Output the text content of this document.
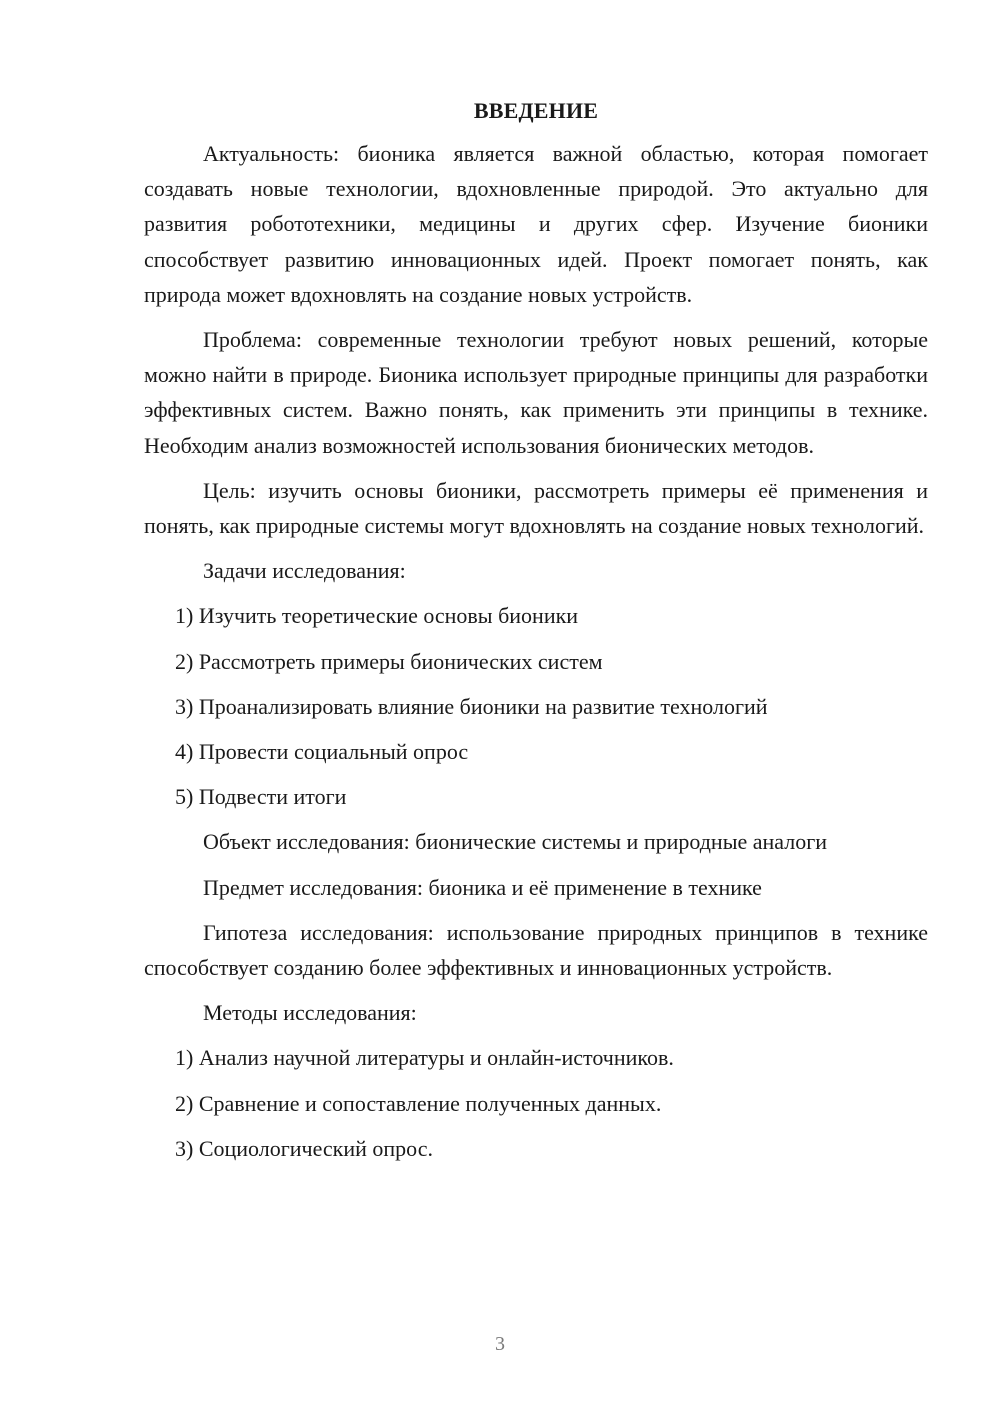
ВВЕДЕНИЕ

Актуальность: бионика является важной областью, которая помогает создавать новые технологии, вдохновленные природой. Это актуально для развития робототехники, медицины и других сфер. Изучение бионики способствует развитию инновационных идей. Проект помогает понять, как природа может вдохновлять на создание новых устройств.

Проблема: современные технологии требуют новых решений, которые можно найти в природе. Бионика использует природные принципы для разработки эффективных систем. Важно понять, как применить эти принципы в технике. Необходим анализ возможностей использования бионических методов.

Цель: изучить основы бионики, рассмотреть примеры её применения и понять, как природные системы могут вдохновлять на создание новых технологий.

Задачи исследования:

1) Изучить теоретические основы бионики
2) Рассмотреть примеры бионических систем
3) Проанализировать влияние бионики на развитие технологий
4) Провести социальный опрос
5) Подвести итоги

Объект исследования: бионические системы и природные аналоги

Предмет исследования: бионика и её применение в технике

Гипотеза исследования: использование природных принципов в технике способствует созданию более эффективных и инновационных устройств.

Методы исследования:

1) Анализ научной литературы и онлайн-источников.
2) Сравнение и сопоставление полученных данных.
3) Социологический опрос.
3
